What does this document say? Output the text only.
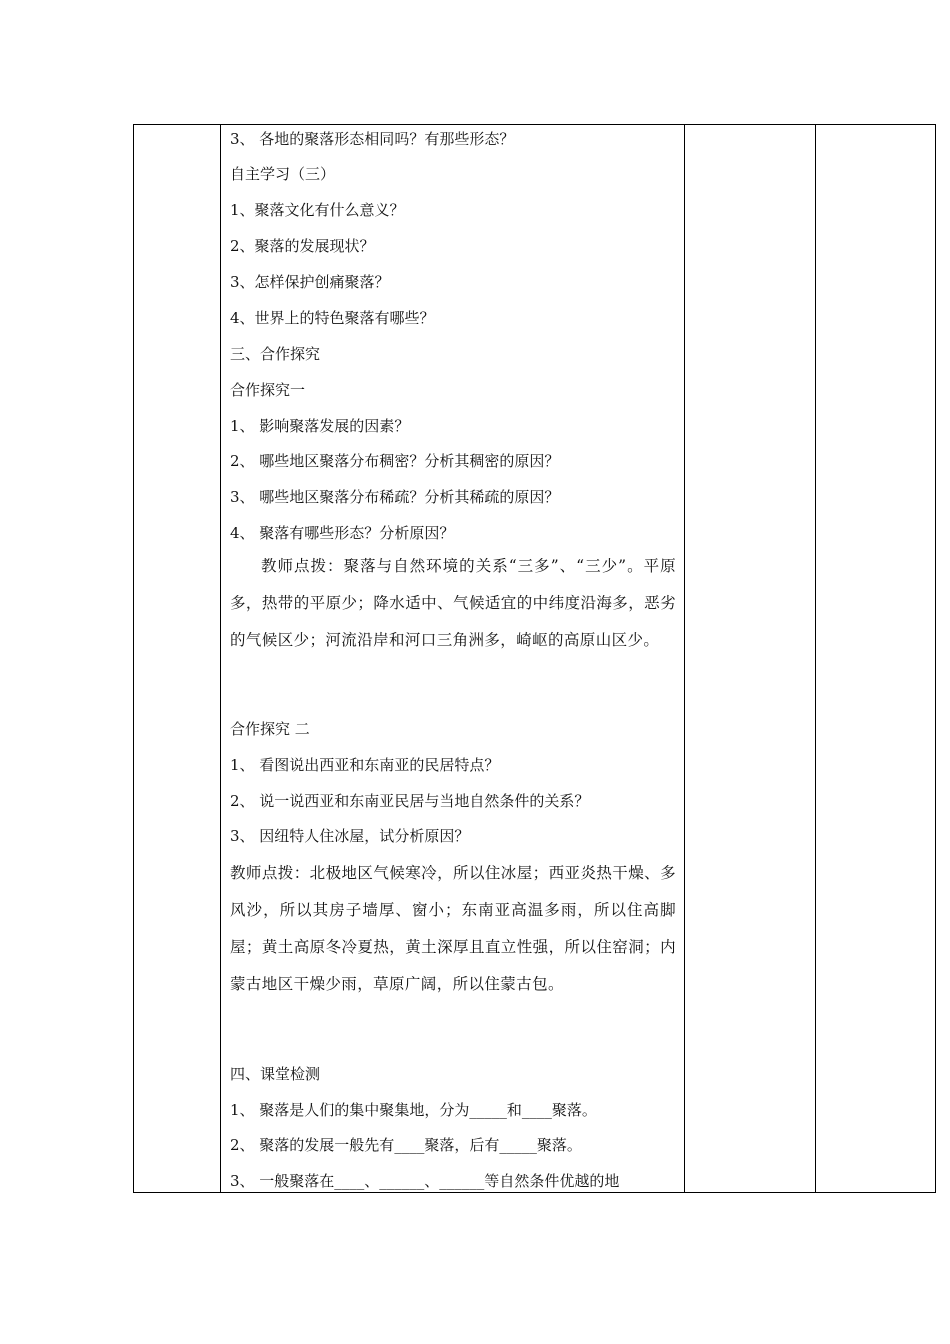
3、 各地的聚落形态相同吗？有那些形态？
自主学习（三）
1、聚落文化有什么意义？
2、聚落的发展现状？
3、怎样保护创痛聚落？
4、世界上的特色聚落有哪些？
三、合作探究
合作探究一
1、 影响聚落发展的因素？
2、 哪些地区聚落分布稠密？分析其稠密的原因？
3、 哪些地区聚落分布稀疏？分析其稀疏的原因？
4、 聚落有哪些形态？分析原因？
教师点拨：聚落与自然环境的关系“三多”、“三少”。平原多，热带的平原少；降水适中、气候适宜的中纬度沿海多，恶劣的气候区少；河流沿岸和河口三角洲多，崎岖的高原山区少。
合作探究 二
1、 看图说出西亚和东南亚的民居特点？
2、 说一说西亚和东南亚民居与当地自然条件的关系？
3、 因纽特人住冰屋，试分析原因？
教师点拨：北极地区气候寒冷，所以住冰屋；西亚炎热干燥、多风沙，所以其房子墙厚、窗小；东南亚高温多雨，所以住高脚屋；黄土高原冬冷夏热，黄土深厚且直立性强，所以住窑洞；内蒙古地区干燥少雨，草原广阔，所以住蒙古包。
四、课堂检测
1、 聚落是人们的集中聚集地，分为_____和____聚落。
2、 聚落的发展一般先有____聚落，后有_____聚落。
3、 一般聚落在____、______、______等自然条件优越的地
